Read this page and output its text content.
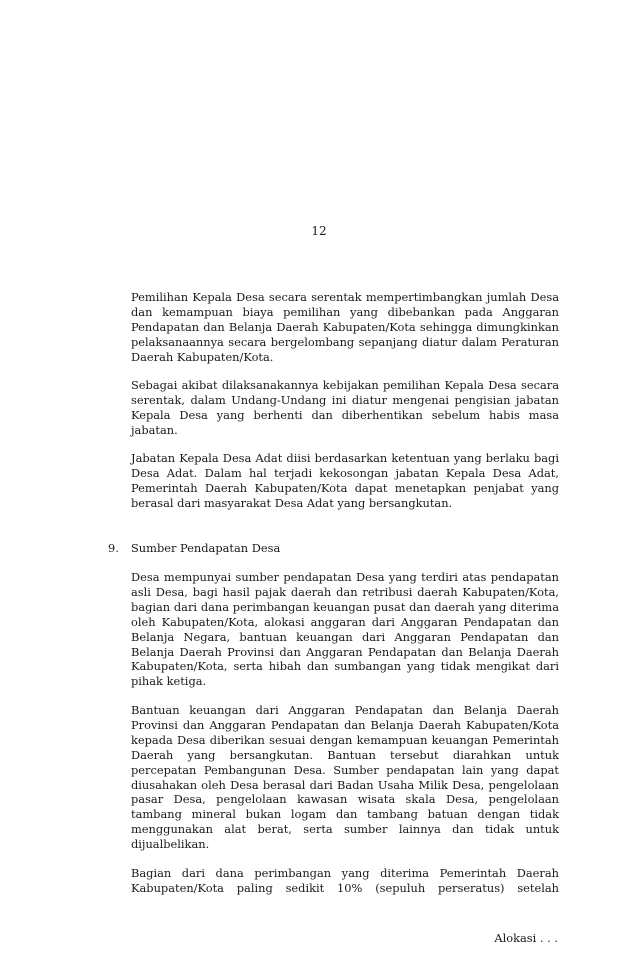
12

Pemilihan Kepala Desa secara serentak mempertimbangkan jumlah Desa dan kemampuan biaya pemilihan yang dibebankan pada Anggaran Pendapatan dan Belanja Daerah Kabupaten/Kota sehingga dimungkinkan pelaksanaannya secara bergelombang sepanjang diatur dalam Peraturan Daerah Kabupaten/Kota.

Sebagai akibat dilaksanakannya kebijakan pemilihan Kepala Desa secara serentak, dalam Undang-Undang ini diatur mengenai pengisian jabatan Kepala Desa yang berhenti dan diberhentikan sebelum habis masa jabatan.

Jabatan Kepala Desa Adat diisi berdasarkan ketentuan yang berlaku bagi Desa Adat. Dalam hal terjadi kekosongan jabatan Kepala Desa Adat, Pemerintah Daerah Kabupaten/Kota dapat menetapkan penjabat yang berasal dari masyarakat Desa Adat yang bersangkutan.

9. Sumber Pendapatan Desa

Desa mempunyai sumber pendapatan Desa yang terdiri atas pendapatan asli Desa, bagi hasil pajak daerah dan retribusi daerah Kabupaten/Kota, bagian dari dana perimbangan keuangan pusat dan daerah yang diterima oleh Kabupaten/Kota, alokasi anggaran dari Anggaran Pendapatan dan Belanja Negara, bantuan keuangan dari Anggaran Pendapatan dan Belanja Daerah Provinsi dan Anggaran Pendapatan dan Belanja Daerah Kabupaten/Kota, serta hibah dan sumbangan yang tidak mengikat dari pihak ketiga.

Bantuan keuangan dari Anggaran Pendapatan dan Belanja Daerah Provinsi dan Anggaran Pendapatan dan Belanja Daerah Kabupaten/Kota kepada Desa diberikan sesuai dengan kemampuan keuangan Pemerintah Daerah yang bersangkutan. Bantuan tersebut diarahkan untuk percepatan Pembangunan Desa. Sumber pendapatan lain yang dapat diusahakan oleh Desa berasal dari Badan Usaha Milik Desa, pengelolaan pasar Desa, pengelolaan kawasan wisata skala Desa, pengelolaan tambang mineral bukan logam dan tambang batuan dengan tidak menggunakan alat berat, serta sumber lainnya dan tidak untuk dijualbelikan.

Bagian dari dana perimbangan yang diterima Pemerintah Daerah Kabupaten/Kota paling sedikit 10% (sepuluh perseratus) setelah

Alokasi . . .
